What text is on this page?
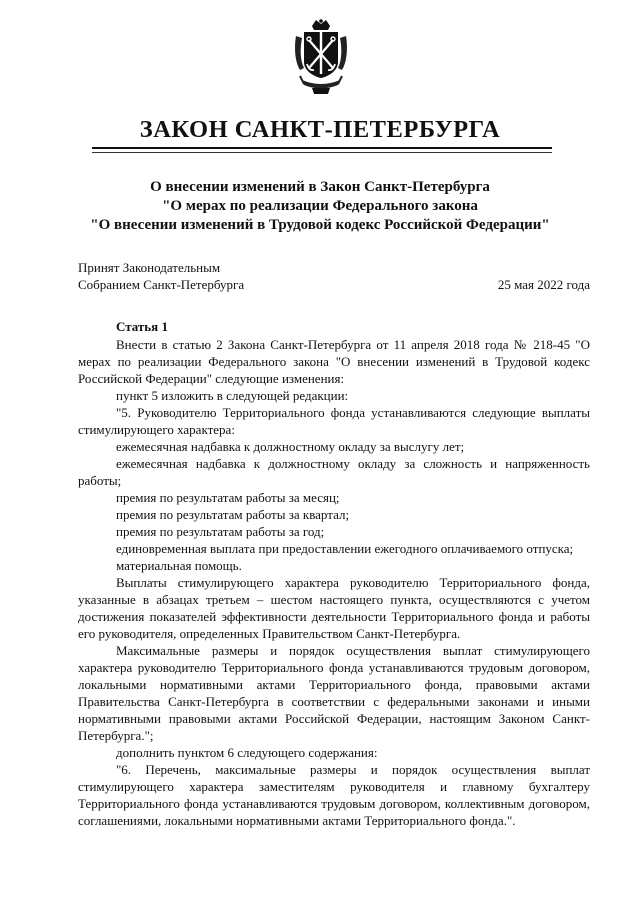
ЗАКОН САНКТ-ПЕТЕРБУРГА
О внесении изменений в Закон Санкт-Петербурга
"О мерах по реализации Федерального закона
"О внесении изменений в Трудовой кодекс Российской Федерации"
Принят Законодательным
Собранием Санкт-Петербурга	25 мая 2022 года
Статья 1
Внести в статью 2 Закона Санкт-Петербурга от 11 апреля 2018 года № 218-45 "О мерах по реализации Федерального закона "О внесении изменений в Трудовой кодекс Российской Федерации" следующие изменения:
пункт 5 изложить в следующей редакции:
"5. Руководителю Территориального фонда устанавливаются следующие выплаты стимулирующего характера:
ежемесячная надбавка к должностному окладу за выслугу лет;
ежемесячная надбавка к должностному окладу за сложность и напряженность работы;
премия по результатам работы за месяц;
премия по результатам работы за квартал;
премия по результатам работы за год;
единовременная выплата при предоставлении ежегодного оплачиваемого отпуска;
материальная помощь.
Выплаты стимулирующего характера руководителю Территориального фонда, указанные в абзацах третьем – шестом настоящего пункта, осуществляются с учетом достижения показателей эффективности деятельности Территориального фонда и работы его руководителя, определенных Правительством Санкт-Петербурга.
Максимальные размеры и порядок осуществления выплат стимулирующего характера руководителю Территориального фонда устанавливаются трудовым договором, локальными нормативными актами Территориального фонда, правовыми актами Правительства Санкт-Петербурга в соответствии с федеральными законами и иными нормативными правовыми актами Российской Федерации, настоящим Законом Санкт-Петербурга.";
дополнить пунктом 6 следующего содержания:
"6. Перечень, максимальные размеры и порядок осуществления выплат стимулирующего характера заместителям руководителя и главному бухгалтеру Территориального фонда устанавливаются трудовым договором, коллективным договором, соглашениями, локальными нормативными актами Территориального фонда.".
